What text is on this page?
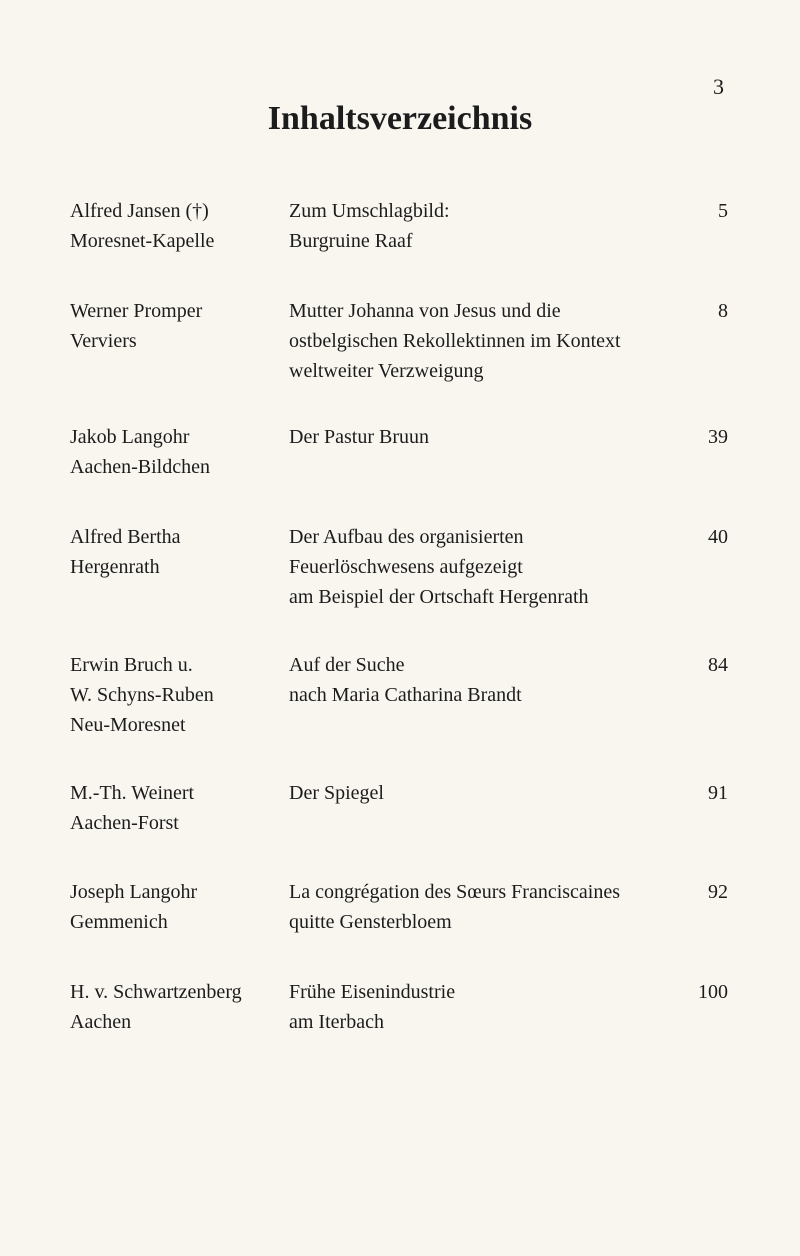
3
Inhaltsverzeichnis
Alfred Jansen (†)
Moresnet-Kapelle
Zum Umschlagbild:
Burgruine Raaf
5
Werner Promper
Verviers
Mutter Johanna von Jesus und die
ostbelgischen Rekollektinnen im Kontext
weltweiter Verzweigung
8
Jakob Langohr
Aachen-Bildchen
Der Pastur Bruun	39
Alfred Bertha
Hergenrath
Der Aufbau des organisierten
Feuerlöschwesens aufgezeigt
am Beispiel der Ortschaft Hergenrath
40
Erwin Bruch u.
W. Schyns-Ruben
Neu-Moresnet
Auf der Suche
nach Maria Catharina Brandt
84
M.-Th. Weinert
Aachen-Forst
Der Spiegel	91
Joseph Langohr
Gemmenich
La congrégation des Sœurs Franciscaines
quitte Gensterbloem
92
H. v. Schwartzenberg
Aachen
Frühe Eisenindustrie
am Iterbach
100
